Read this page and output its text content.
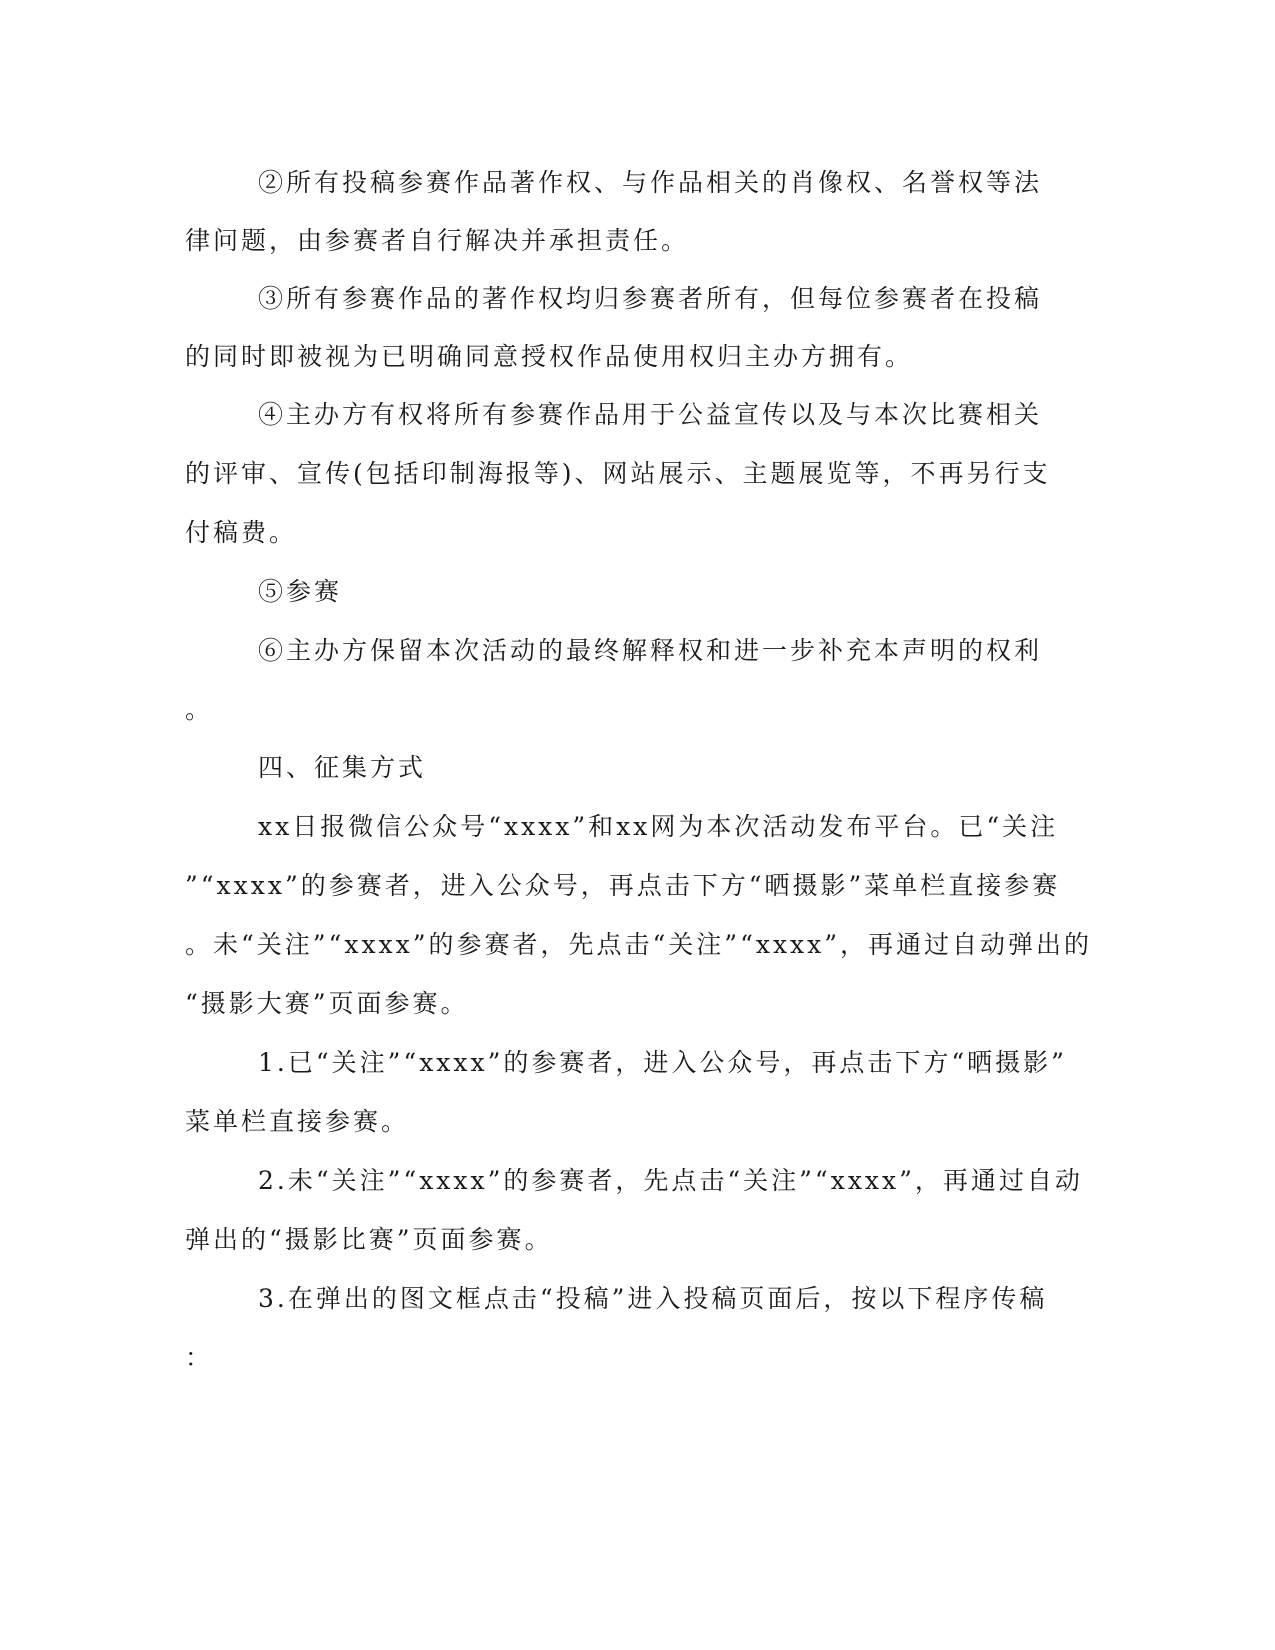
②所有投稿参赛作品著作权、与作品相关的肖像权、名誉权等法
律问题，由参赛者自行解决并承担责任。
③所有参赛作品的著作权均归参赛者所有，但每位参赛者在投稿
的同时即被视为已明确同意授权作品使用权归主办方拥有。
④主办方有权将所有参赛作品用于公益宣传以及与本次比赛相关
的评审、宣传(包括印制海报等)、网站展示、主题展览等，不再另行支
付稿费。
⑤参赛
⑥主办方保留本次活动的最终解释权和进一步补充本声明的权利
。
四、征集方式
xx日报微信公众号“xxxx”和xx网为本次活动发布平台。已“关注
”“xxxx”的参赛者，进入公众号，再点击下方“晒摄影”菜单栏直接参赛
。未“关注”“xxxx”的参赛者，先点击“关注”“xxxx”，再通过自动弹出的
“摄影大赛”页面参赛。
1.已“关注”“xxxx”的参赛者，进入公众号，再点击下方“晒摄影”
菜单栏直接参赛。
2.未“关注”“xxxx”的参赛者，先点击“关注”“xxxx”，再通过自动
弹出的“摄影比赛”页面参赛。
3.在弹出的图文框点击“投稿”进入投稿页面后，按以下程序传稿
：
